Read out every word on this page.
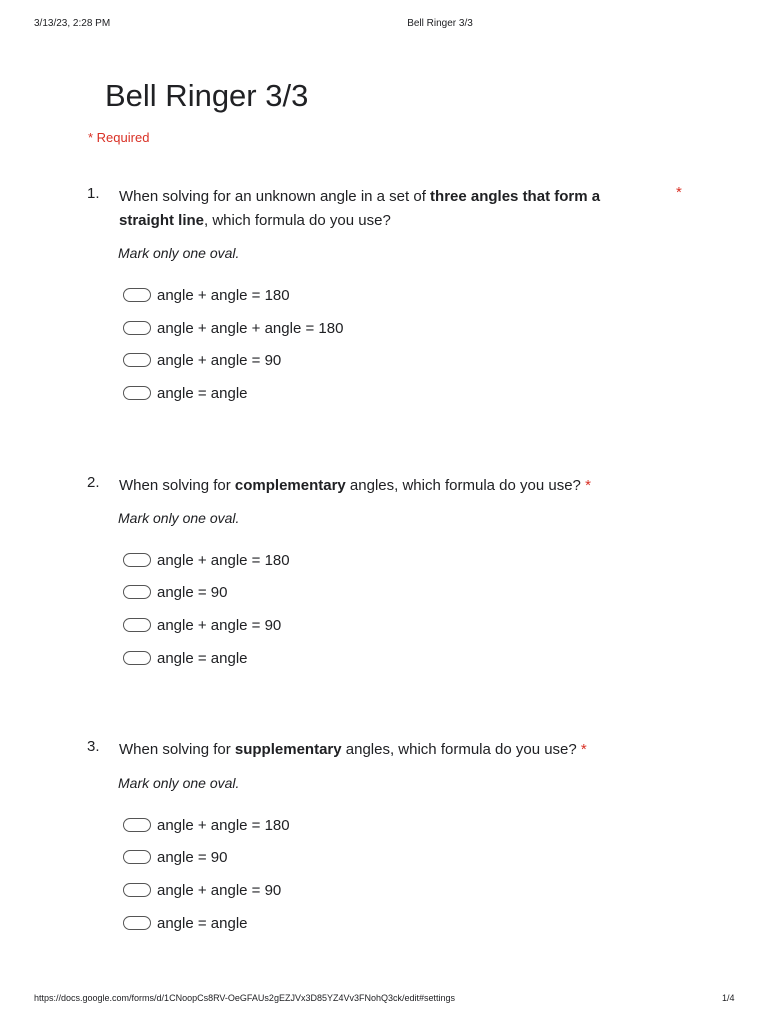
3/13/23, 2:28 PM	Bell Ringer 3/3
Bell Ringer 3/3
* Required
1. When solving for an unknown angle in a set of three angles that form a straight line, which formula do you use?
*
Mark only one oval.
angle + angle = 180
angle + angle + angle = 180
angle + angle = 90
angle = angle
2. When solving for complementary angles, which formula do you use? *
Mark only one oval.
angle + angle = 180
angle = 90
angle + angle = 90
angle = angle
3. When solving for supplementary angles, which formula do you use? *
Mark only one oval.
angle + angle = 180
angle = 90
angle + angle = 90
angle = angle
https://docs.google.com/forms/d/1CNoopCs8RV-OeGFAUs2gEZJVx3D85YZ4Vv3FNohQ3ck/edit#settings	1/4
